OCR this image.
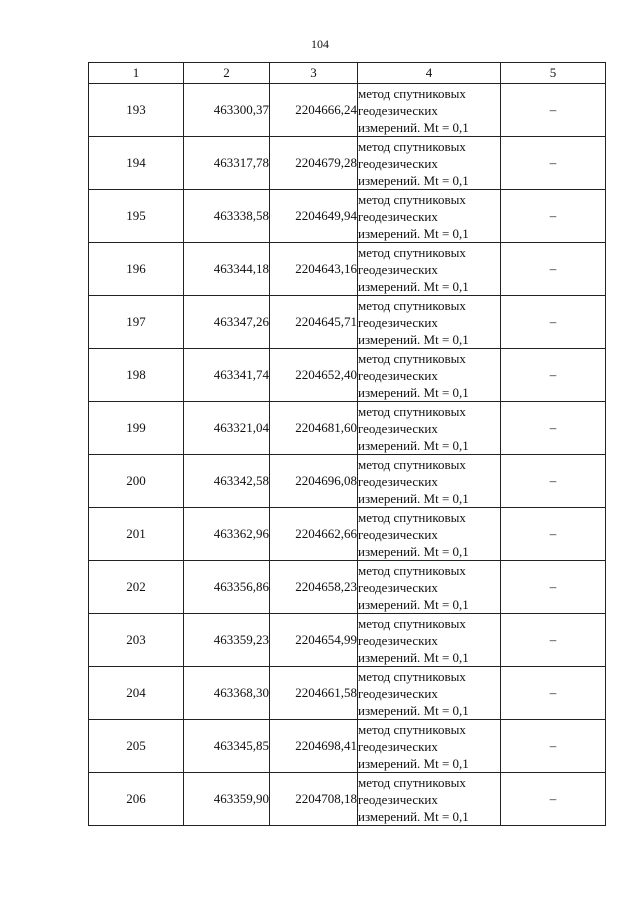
104
1	2	3	4	5
193	463300,37	2204666,24	метод спутниковых
геодезических
измерений. Mt = 0,1	–
194	463317,78	2204679,28	метод спутниковых
геодезических
измерений. Mt = 0,1	–
195	463338,58	2204649,94	метод спутниковых
геодезических
измерений. Mt = 0,1	–
196	463344,18	2204643,16	метод спутниковых
геодезических
измерений. Mt = 0,1	–
197	463347,26	2204645,71	метод спутниковых
геодезических
измерений. Mt = 0,1	–
198	463341,74	2204652,40	метод спутниковых
геодезических
измерений. Mt = 0,1	–
199	463321,04	2204681,60	метод спутниковых
геодезических
измерений. Mt = 0,1	–
200	463342,58	2204696,08	метод спутниковых
геодезических
измерений. Mt = 0,1	–
201	463362,96	2204662,66	метод спутниковых
геодезических
измерений. Mt = 0,1	–
202	463356,86	2204658,23	метод спутниковых
геодезических
измерений. Mt = 0,1	–
203	463359,23	2204654,99	метод спутниковых
геодезических
измерений. Mt = 0,1	–
204	463368,30	2204661,58	метод спутниковых
геодезических
измерений. Mt = 0,1	–
205	463345,85	2204698,41	метод спутниковых
геодезических
измерений. Mt = 0,1	–
206	463359,90	2204708,18	метод спутниковых
геодезических
измерений. Mt = 0,1	–
